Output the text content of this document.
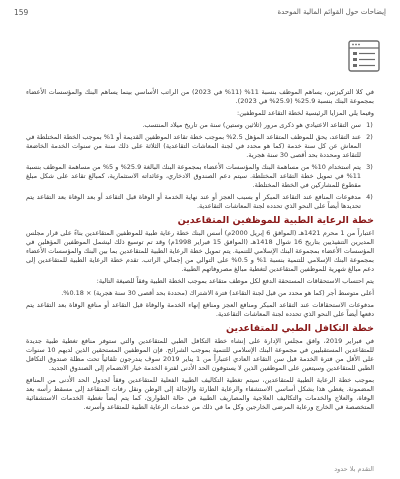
159	إيضاحات حول القوائم المالية الموحدة

في كلا التركيزتين، يساهم الموظف بنسبة 11% (11% في 2023) من الراتب الأساسي بينما يساهم البنك والمؤسسات الأعضاء بمجموعة البنك بنسبة 25.9% (25.9% في 2023).

وفيما يلي المزايا الرئيسية لخطة التقاعد للموظفين:

1)
سن التقاعد الاعتيادي هو ذكرى مرور (ثلاثين وستين) سنة من تاريخ ميلاد المنتسب.
2)
عند التقاعد، يحق للموظف المتقاعد المؤهل 2.5% بموجب خطة تقاعد الموظفين القديمة أو 1% بموجب الخطة المختلطة في المعاش عن كل سنة خدمة (كما هو محدد في لجنة المعاشات التقاعدية) الثلاثة على ذلك سنة من سنوات الخدمة الخاضعة للتقاعد ومحددة بحد أقصى 30 سنة هجرية.
3)
يتم استخدام 10% من مساهمة البنك والمؤسسات الأعضاء بمجموعة البنك البالغة 25.9% و 5% من مساهمة الموظف بنسبة 11% في تمويل خطة التقاعد المختلطة. سيتم دعم الصندوق الادخاري، وعائداته الاستثمارية، كمبالغ تقاعد على شكل مبلغ مقطوع للمشاركين في الخطة المختلطة.
4)
مدفوعات المنافع عند التقاعد المبكر أو بسبب العجز أو عند نهاية الخدمة أو الوفاة قبل التقاعد أو بعد الوفاة بعد التقاعد يتم تحديدها أيضاً على النحو الذي تحدده لجنة المعاشات التقاعدية.
خطة الرعاية الطبية للموظفين المتقاعدين

اعتباراً من 1 محرم 1421هـ (الموافق 6 إبريل 2000م) أسس البنك خطة رعاية طبية للموظفين المتقاعدين بناءً على قرار مجلس المديرين التنفيذيين بتاريخ 16 شوال 1418هـ (الموافق 15 فبراير 1998م) وقد تم توسيع ذلك ليشمل الموظفين المؤهلين في المؤسسات الأعضاء بمجموعة البنك الإسلامي للتنمية. يتم تمويل خطة الرعاية الطبية للمتقاعدين بما بين البنك والمؤسسات الأعضاء بمجموعة البنك الإسلامي للتنمية بنسبة 1% و 0.5% على التوالي من إجمالي الراتب. تقدم خطة الرعاية الطبية للمتقاعدين إلى دعم مبالغ شهرية للموظفين المتقاعدين لتغطية مبالغ مصروفاتهم الطبية.

يتم احتساب الاستحقاقات المستحقة الدفع لكل موظف متقاعد بموجب الخطة الطبية وفقاً للصيغة التالية:

أعلى متوسط أجر (كما هو محدد من قبل لجنة التقاعد) فترة الاشتراك (محددة بحد أقصى 30 سنة هجرية) × 0.18%.

مدفوعات الاستحقاقات عند التقاعد المبكر ومنافع العجز ومنافع إنهاء الخدمة والوفاة قبل التقاعد أو منافع الوفاة بعد التقاعد يتم دفعها أيضاً على النحو الذي تحدده لجنة المعاشات التقاعدية.

خطة التكافل الطبي للمتقاعدين

في فبراير 2019، وافق مجلس الإدارة على إنشاء خطة التكافل الطبي للمتقاعدين والتي ستوفر منافع تغطية طبية جديدة للمتقاعدين المستقبليين في مجموعة البنك الإسلامي للتنمية بموجب الشرائح. فإن الموظفين المستحقين الذين لديهم 10 سنوات على الأقل من فترة الخدمة قبل سن التقاعد العادي اعتباراً من 1 يناير 2019 سوف يندرجون تلقائياً تحت مظلة صندوق التكافل الطبي للمتقاعدين وسيتعين على الموظفين الذين لا يستوفون الحد الأدنى لفترة الخدمة خيار الانضمام إلى الصندوق الجديد.

بموجب خطة الرعاية الطبية للمتقاعدين، سيتم تغطية التكاليف الطبية الفعلية للمتقاعدين وفقاً لجدول الحد الأدنى من المنافع المضمونة. يغطي هذا بشكل أساسي الاستشفاء والرعاية الطارئة والإحالة إلى الوطن ونقل رفات المتقاعد إلى مسقط رأسه بعد الوفاة، والعلاج والخدمات والتكاليف العلاجية والمصاريف الطبية في حالة الطوارئ، كما يتم أيضاً تغطية الخدمات الاستشفائية المتخصصة في الخارج ورعاية المرضى الخارجين وكل ما في ذلك من خدمات الرعاية الطبية للمتقاعد وأسرته.

التقدم بلا حدود
